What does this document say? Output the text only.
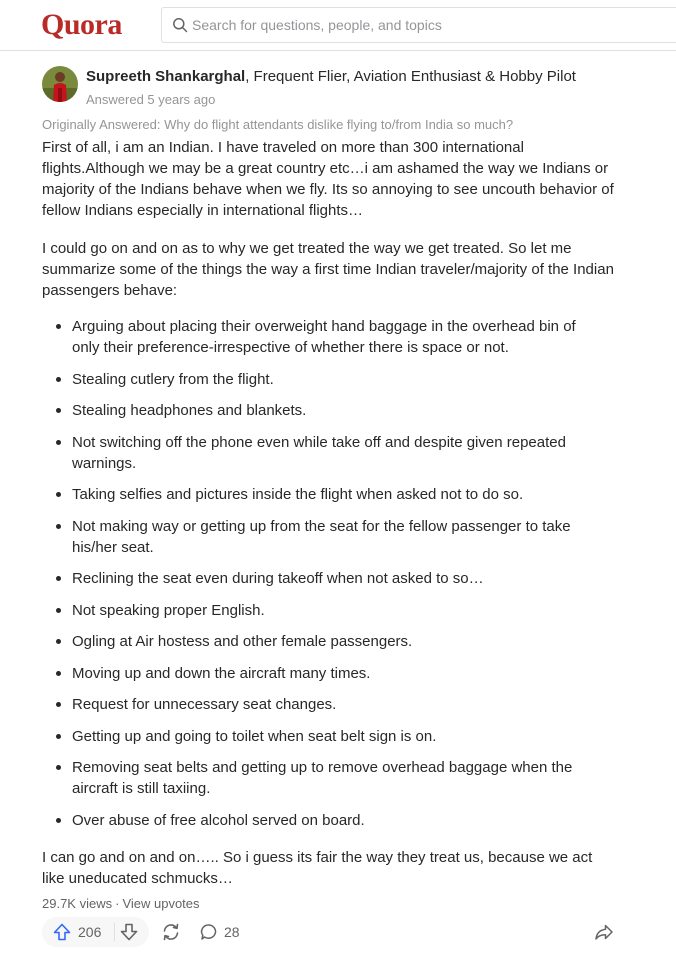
Quora
Search for questions, people, and topics
Supreeth Shankarghal, Frequent Flier, Aviation Enthusiast & Hobby Pilot
Answered 5 years ago
Originally Answered: Why do flight attendants dislike flying to/from India so much?

First of all, i am an Indian. I have traveled on more than 300 international flights.Although we may be a great country etc…i am ashamed the way we Indians or majority of the Indians behave when we fly. Its so annoying to see uncouth behavior of fellow Indians especially in international flights…

I could go on and on as to why we get treated the way we get treated. So let me summarize some of the things the way a first time Indian traveler/majority of the Indian passengers behave:

Arguing about placing their overweight hand baggage in the overhead bin of only their preference-irrespective of whether there is space or not.
Stealing cutlery from the flight.
Stealing headphones and blankets.
Not switching off the phone even while take off and despite given repeated warnings.
Taking selfies and pictures inside the flight when asked not to do so.
Not making way or getting up from the seat for the fellow passenger to take his/her seat.
Reclining the seat even during takeoff when not asked to so…
Not speaking proper English.
Ogling at Air hostess and other female passengers.
Moving up and down the aircraft many times.
Request for unnecessary seat changes.
Getting up and going to toilet when seat belt sign is on.
Removing seat belts and getting up to remove overhead baggage when the aircraft is still taxiing.
Over abuse of free alcohol served on board.

I can go and on and on….. So i guess its fair the way they treat us, because we act like uneducated schmucks…

29.7K views · View upvotes
206	28
